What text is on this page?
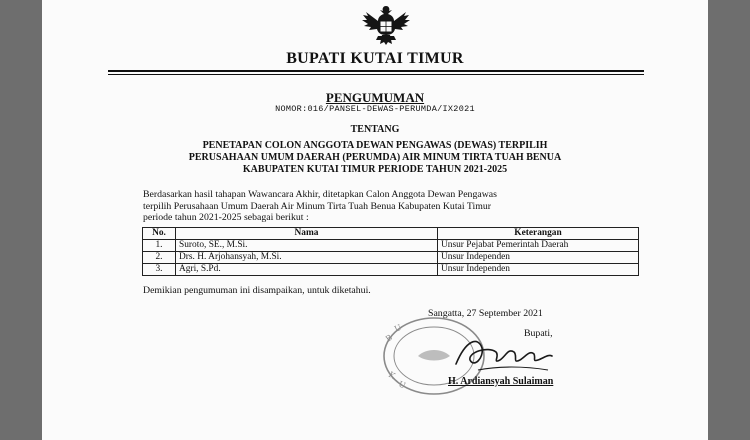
BUPATI KUTAI TIMUR
PENGUMUMAN
NOMOR:016/PANSEL-DEWAS-PERUMDA/IX2021
TENTANG
PENETAPAN COLON ANGGOTA DEWAN PENGAWAS (DEWAS) TERPILIH
PERUSAHAAN UMUM DAERAH (PERUMDA) AIR MINUM TIRTA TUAH BENUA
KABUPATEN KUTAI TIMUR PERIODE TAHUN 2021-2025
Berdasarkan hasil tahapan Wawancara Akhir, ditetapkan Calon Anggota Dewan Pengawas
terpilih Perusahaan Umum Daerah Air Minum Tirta Tuah Benua Kabupaten Kutai Timur
periode tahun 2021-2025 sebagai berikut :
No.	Nama	Keterangan
1.	Suroto, SE., M.Si.	Unsur Pejabat Pemerintah Daerah
2.	Drs. H. Arjohansyah, M.Si.	Unsur Independen
3.	Agri, S.Pd.	Unsur Independen
Demikian pengumuman ini disampaikan, untuk diketahui.
B
U
K
U
Sangatta, 27 September 2021
Bupati,
H. Ardiansyah Sulaiman
